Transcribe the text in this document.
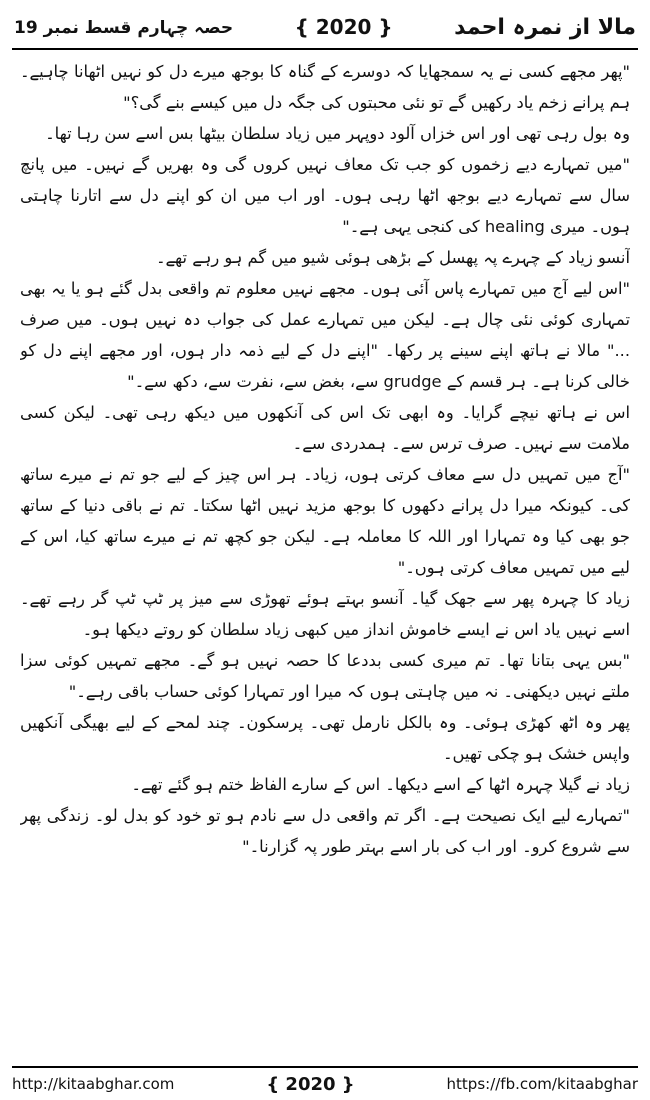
حصہ چہارم قسط نمبر 19	{ 2020 }	مالا از نمرہ احمد

"پھر مجھے کسی نے یہ سمجھایا کہ دوسرے کے گناہ کا بوجھ میرے دل کو نہیں اٹھانا چاہیے۔ ہم پرانے زخم یاد رکھیں گے تو نئی محبتوں کی جگہ دل میں کیسے بنے گی؟"

وہ بول رہی تھی اور اس خزاں آلود دوپہر میں زیاد سلطان بیٹھا بس اسے سن رہا تھا۔

"میں تمہارے دیے زخموں کو جب تک معاف نہیں کروں گی وہ بھریں گے نہیں۔ میں پانچ سال سے تمہارے دیے بوجھ اٹھا رہی ہوں۔ اور اب میں ان کو اپنے دل سے اتارنا چاہتی ہوں۔ میری healing کی کنجی یہی ہے۔"

آنسو زیاد کے چہرے پہ پھسل کے بڑھی ہوئی شیو میں گم ہو رہے تھے۔

"اس لیے آج میں تمہارے پاس آئی ہوں۔ مجھے نہیں معلوم تم واقعی بدل گئے ہو یا یہ بھی تمہاری کوئی نئی چال ہے۔ لیکن میں تمہارے عمل کی جواب دہ نہیں ہوں۔ میں صرف ..." مالا نے ہاتھ اپنے سینے پر رکھا۔ "اپنے دل کے لیے ذمہ دار ہوں، اور مجھے اپنے دل کو خالی کرنا ہے۔ ہر قسم کے grudge سے، بغض سے، نفرت سے، دکھ سے۔"

اس نے ہاتھ نیچے گرایا۔ وہ ابھی تک اس کی آنکھوں میں دیکھ رہی تھی۔ لیکن کسی ملامت سے نہیں۔ صرف ترس سے۔ ہمدردی سے۔

"آج میں تمہیں دل سے معاف کرتی ہوں، زیاد۔ ہر اس چیز کے لیے جو تم نے میرے ساتھ کی۔ کیونکہ میرا دل پرانے دکھوں کا بوجھ مزید نہیں اٹھا سکتا۔ تم نے باقی دنیا کے ساتھ جو بھی کیا وہ تمہارا اور اللہ کا معاملہ ہے۔ لیکن جو کچھ تم نے میرے ساتھ کیا، اس کے لیے میں تمہیں معاف کرتی ہوں۔"

زیاد کا چہرہ پھر سے جھک گیا۔ آنسو بہتے ہوئے تھوڑی سے میز پر ٹپ ٹپ گر رہے تھے۔ اسے نہیں یاد اس نے ایسے خاموش انداز میں کبھی زیاد سلطان کو روتے دیکھا ہو۔

"بس یہی بتانا تھا۔ تم میری کسی بددعا کا حصہ نہیں ہو گے۔ مجھے تمہیں کوئی سزا ملتے نہیں دیکھنی۔ نہ میں چاہتی ہوں کہ میرا اور تمہارا کوئی حساب باقی رہے۔"

پھر وہ اٹھ کھڑی ہوئی۔ وہ بالکل نارمل تھی۔ پرسکون۔ چند لمحے کے لیے بھیگی آنکھیں واپس خشک ہو چکی تھیں۔

زیاد نے گیلا چہرہ اٹھا کے اسے دیکھا۔ اس کے سارے الفاظ ختم ہو گئے تھے۔

"تمہارے لیے ایک نصیحت ہے۔ اگر تم واقعی دل سے نادم ہو تو خود کو بدل لو۔ زندگی پھر سے شروع کرو۔ اور اب کی بار اسے بہتر طور پہ گزارنا۔"

http://kitaabghar.com	{ 2020 }	https://fb.com/kitaabghar
